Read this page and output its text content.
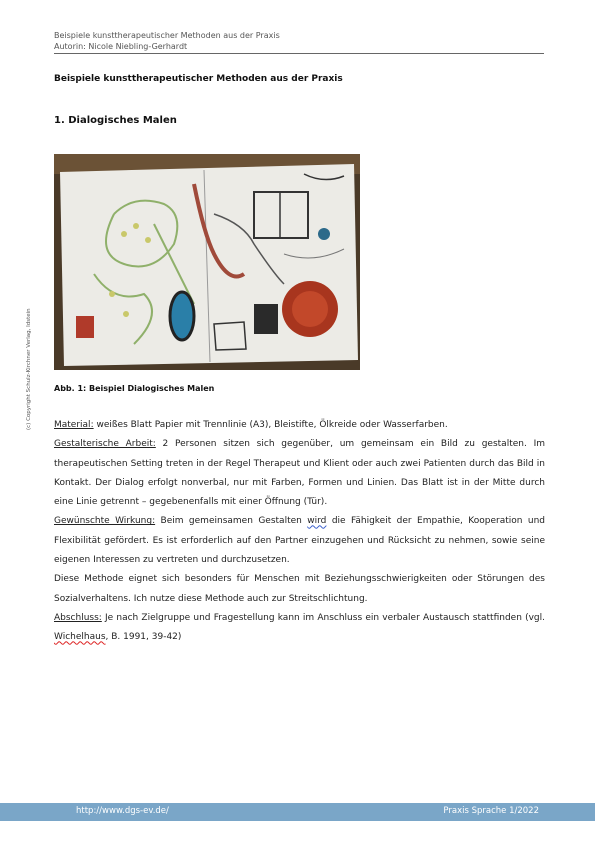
Beispiele kunsttherapeutischer Methoden aus der Praxis
Autorin: Nicole Niebling-Gerhardt
Beispiele kunsttherapeutischer Methoden aus der Praxis
1. Dialogisches Malen
Abb. 1: Beispiel Dialogisches Malen
(c) Copyright Schulz-Kirchner Verlag, Idstein Material: weißes Blatt Papier mit Trennlinie (A3), Bleistifte, Ölkreide oder Wasserfarben.

Gestalterische Arbeit: 2 Personen sitzen sich gegenüber, um gemeinsam ein Bild zu gestalten. Im therapeutischen Setting treten in der Regel Therapeut und Klient oder auch zwei Patienten durch das Bild in Kontakt. Der Dialog erfolgt nonverbal, nur mit Farben, Formen und Linien. Das Blatt ist in der Mitte durch eine Linie getrennt – gegebenenfalls mit einer Öffnung (Tür).

Gewünschte Wirkung: Beim gemeinsamen Gestalten wird die Fähigkeit der Empathie, Kooperation und Flexibilität gefördert. Es ist erforderlich auf den Partner einzugehen und Rücksicht zu nehmen, sowie seine eigenen Interessen zu vertreten und durchzusetzen.

Diese Methode eignet sich besonders für Menschen mit Beziehungsschwierigkeiten oder Störungen des Sozialverhaltens. Ich nutze diese Methode auch zur Streitschlichtung.

Abschluss: Je nach Zielgruppe und Fragestellung kann im Anschluss ein verbaler Austausch stattfinden (vgl. Wichelhaus, B. 1991, 39-42)

http://www.dgs-ev.de/	Praxis Sprache 1/2022
